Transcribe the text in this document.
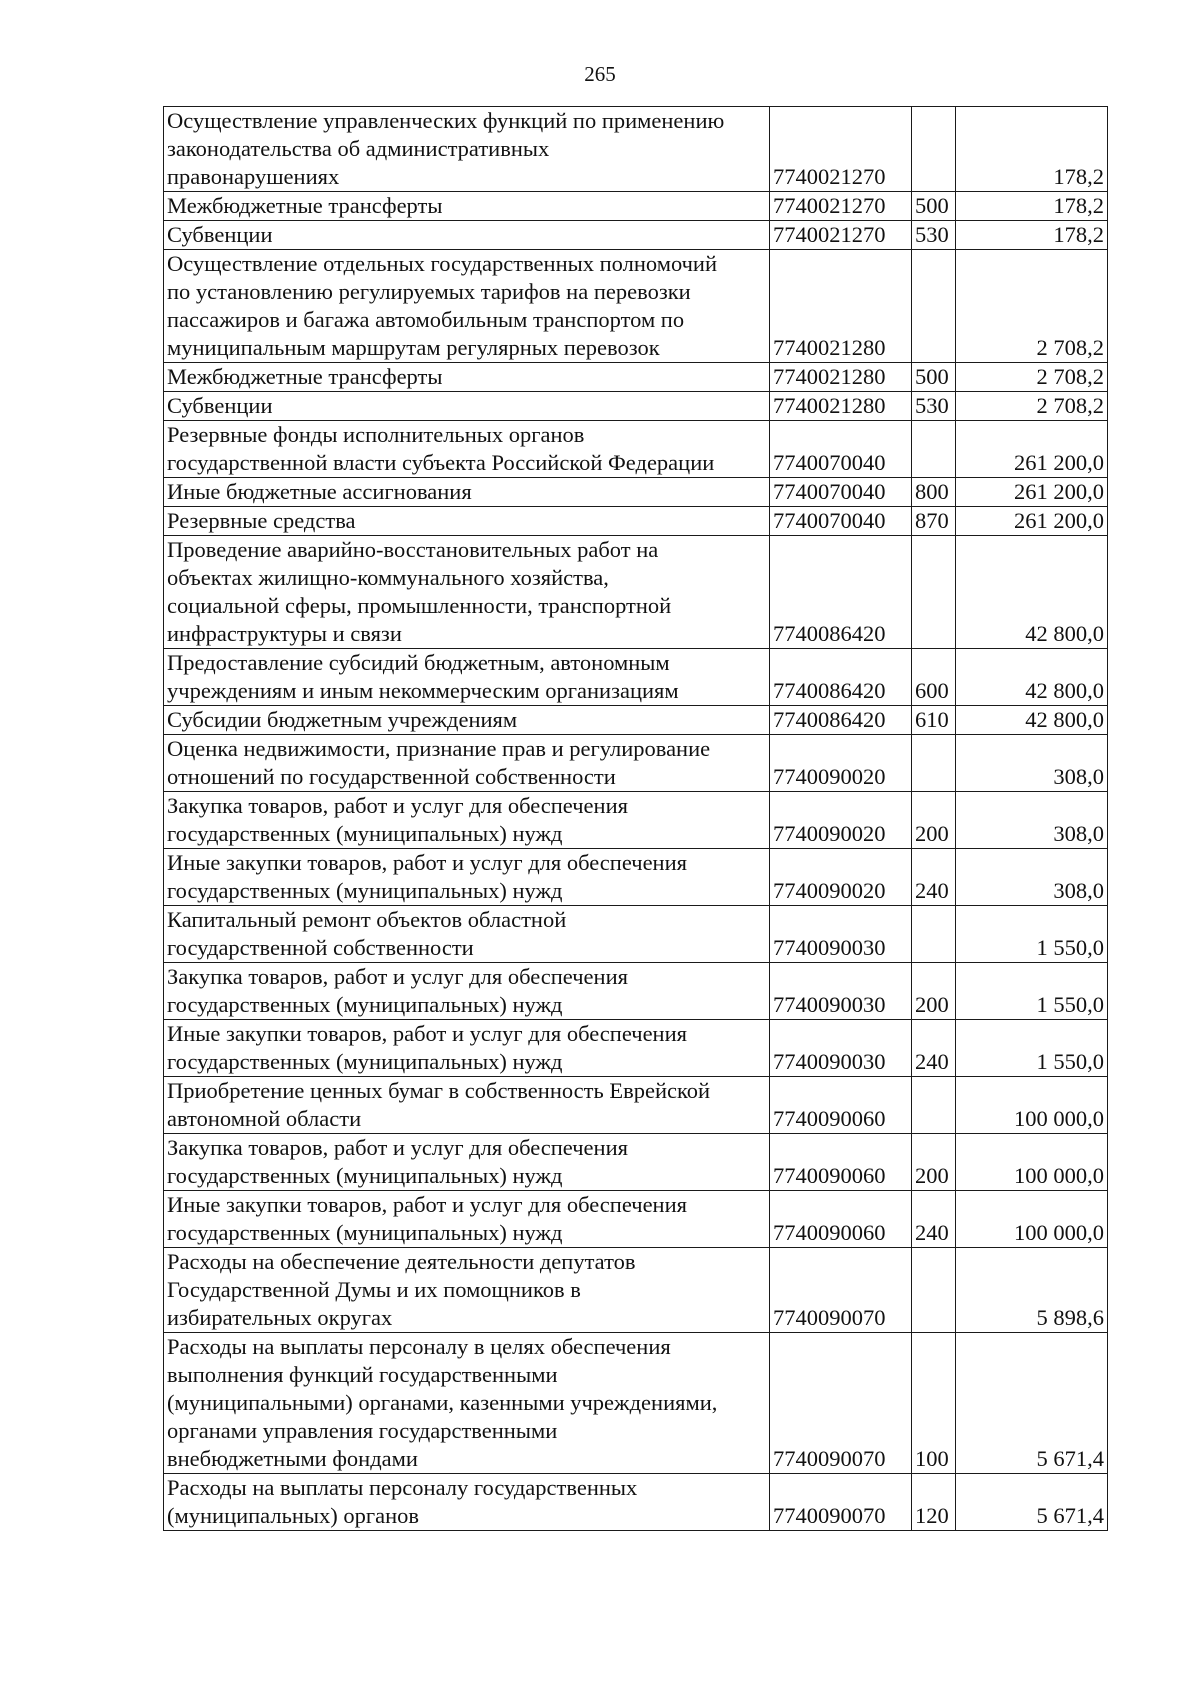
265
Осуществление управленческих функций по применению
законодательства об административных
правонарушениях	7740021270		178,2

Межбюджетные трансферты	7740021270	500	178,2

Субвенции	7740021270	530	178,2

Осуществление отдельных государственных полномочий
по установлению регулируемых тарифов на перевозки
пассажиров и багажа автомобильным транспортом по
муниципальным маршрутам регулярных перевозок	7740021280		2 708,2

Межбюджетные трансферты	7740021280	500	2 708,2

Субвенции	7740021280	530	2 708,2

Резервные фонды исполнительных органов
государственной власти субъекта Российской Федерации	7740070040		261 200,0

Иные бюджетные ассигнования	7740070040	800	261 200,0

Резервные средства	7740070040	870	261 200,0

Проведение аварийно-восстановительных работ на
объектах жилищно-коммунального хозяйства,
социальной сферы, промышленности, транспортной
инфраструктуры и связи	7740086420		42 800,0

Предоставление субсидий бюджетным, автономным
учреждениям и иным некоммерческим организациям	7740086420	600	42 800,0

Субсидии бюджетным учреждениям	7740086420	610	42 800,0

Оценка недвижимости, признание прав и регулирование
отношений по государственной собственности	7740090020		308,0

Закупка товаров, работ и услуг для обеспечения
государственных (муниципальных) нужд	7740090020	200	308,0

Иные закупки товаров, работ и услуг для обеспечения
государственных (муниципальных) нужд	7740090020	240	308,0

Капитальный ремонт объектов областной
государственной собственности	7740090030		1 550,0

Закупка товаров, работ и услуг для обеспечения
государственных (муниципальных) нужд	7740090030	200	1 550,0

Иные закупки товаров, работ и услуг для обеспечения
государственных (муниципальных) нужд	7740090030	240	1 550,0

Приобретение ценных бумаг в собственность Еврейской
автономной области	7740090060		100 000,0

Закупка товаров, работ и услуг для обеспечения
государственных (муниципальных) нужд	7740090060	200	100 000,0

Иные закупки товаров, работ и услуг для обеспечения
государственных (муниципальных) нужд	7740090060	240	100 000,0

Расходы на обеспечение деятельности депутатов
Государственной Думы и их помощников в
избирательных округах	7740090070		5 898,6

Расходы на выплаты персоналу в целях обеспечения
выполнения функций государственными
(муниципальными) органами, казенными учреждениями,
органами управления государственными
внебюджетными фондами	7740090070	100	5 671,4

Расходы на выплаты персоналу государственных
(муниципальных) органов	7740090070	120	5 671,4
